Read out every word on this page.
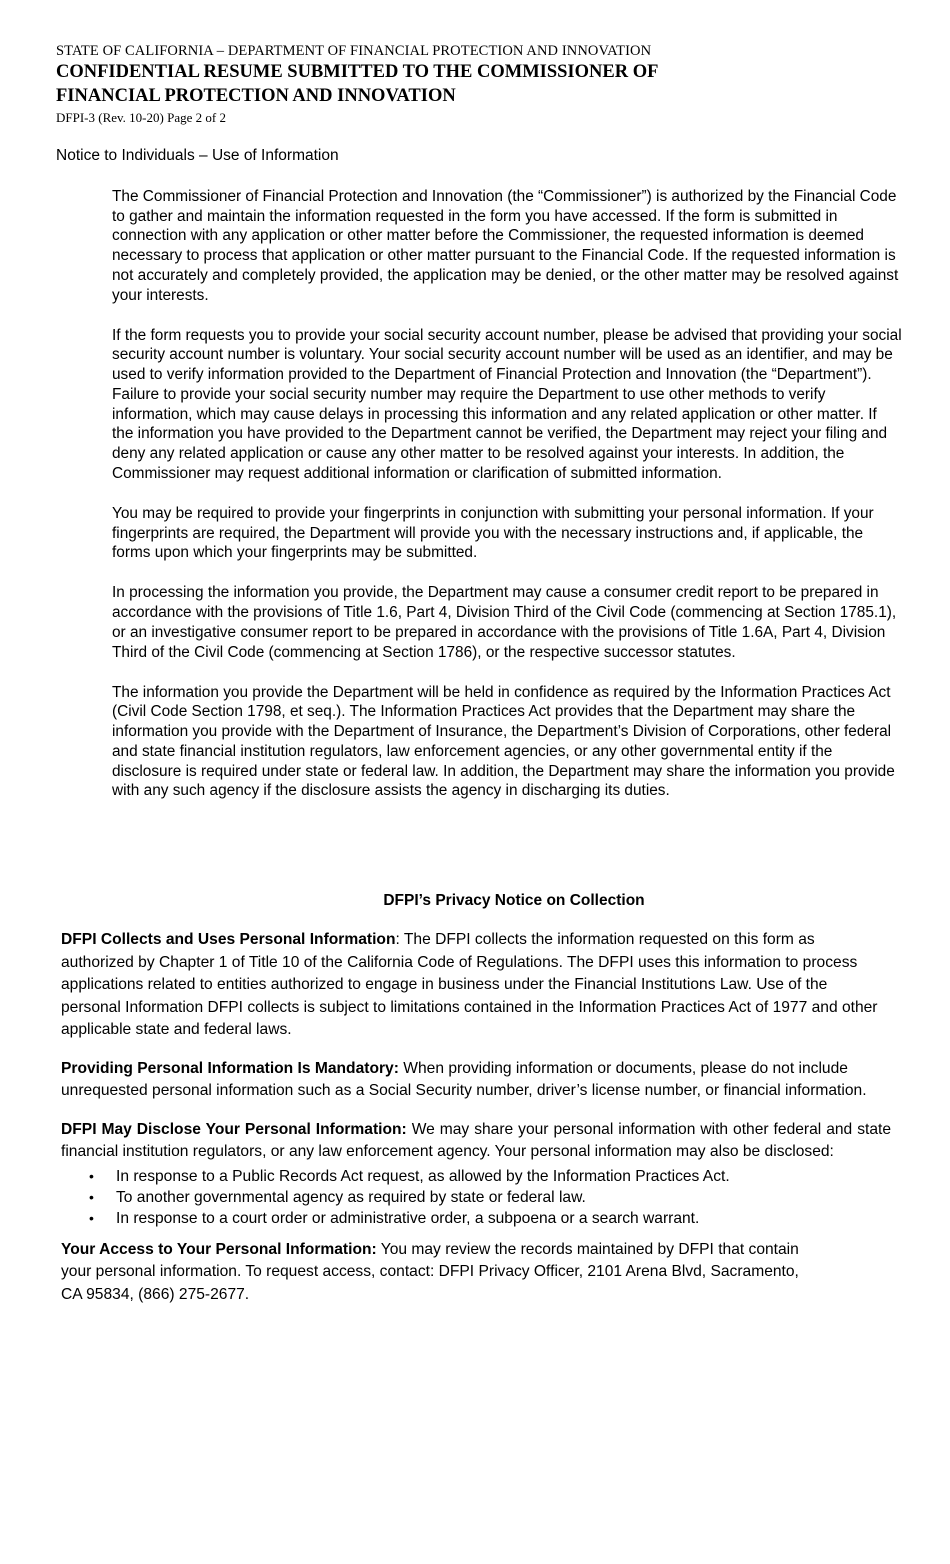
STATE OF CALIFORNIA – DEPARTMENT OF FINANCIAL PROTECTION AND INNOVATION
CONFIDENTIAL RESUME SUBMITTED TO THE COMMISSIONER OF
FINANCIAL PROTECTION AND INNOVATION
DFPI-3 (Rev. 10-20) Page 2 of 2
Notice to Individuals – Use of Information

The Commissioner of Financial Protection and Innovation (the “Commissioner”) is authorized by the Financial Code to gather and maintain the information requested in the form you have accessed. If the form is submitted in connection with any application or other matter before the Commissioner, the requested information is deemed necessary to process that application or other matter pursuant to the Financial Code. If the requested information is not accurately and completely provided, the application may be denied, or the other matter may be resolved against your interests.

If the form requests you to provide your social security account number, please be advised that providing your social security account number is voluntary. Your social security account number will be used as an identifier, and may be used to verify information provided to the Department of Financial Protection and Innovation (the “Department”). Failure to provide your social security number may require the Department to use other methods to verify information, which may cause delays in processing this information and any related application or other matter. If the information you have provided to the Department cannot be verified, the Department may reject your filing and deny any related application or cause any other matter to be resolved against your interests. In addition, the Commissioner may request additional information or clarification of submitted information.

You may be required to provide your fingerprints in conjunction with submitting your personal information. If your fingerprints are required, the Department will provide you with the necessary instructions and, if applicable, the forms upon which your fingerprints may be submitted.

In processing the information you provide, the Department may cause a consumer credit report to be prepared in accordance with the provisions of Title 1.6, Part 4, Division Third of the Civil Code (commencing at Section 1785.1), or an investigative consumer report to be prepared in accordance with the provisions of Title 1.6A, Part 4, Division Third of the Civil Code (commencing at Section 1786), or the respective successor statutes.

The information you provide the Department will be held in confidence as required by the Information Practices Act (Civil Code Section 1798, et seq.). The Information Practices Act provides that the Department may share the information you provide with the Department of Insurance, the Department’s Division of Corporations, other federal and state financial institution regulators, law enforcement agencies, or any other governmental entity if the disclosure is required under state or federal law. In addition, the Department may share the information you provide with any such agency if the disclosure assists the agency in discharging its duties.

DFPI’s Privacy Notice on Collection
DFPI Collects and Uses Personal Information: The DFPI collects the information requested on this form as authorized by Chapter 1 of Title 10 of the California Code of Regulations. The DFPI uses this information to process applications related to entities authorized to engage in business under the Financial Institutions Law. Use of the personal Information DFPI collects is subject to limitations contained in the Information Practices Act of 1977 and other applicable state and federal laws.
Providing Personal Information Is Mandatory: When providing information or documents, please do not include unrequested personal information such as a Social Security number, driver’s license number, or financial information.
DFPI May Disclose Your Personal Information: We may share your personal information with other federal and state financial institution regulators, or any law enforcement agency. Your personal information may also be disclosed:
• In response to a Public Records Act request, as allowed by the Information Practices Act.
• To another governmental agency as required by state or federal law.
• In response to a court order or administrative order, a subpoena or a search warrant.
Your Access to Your Personal Information: You may review the records maintained by DFPI that contain your personal information. To request access, contact: DFPI Privacy Officer, 2101 Arena Blvd, Sacramento, CA 95834, (866) 275-2677.
